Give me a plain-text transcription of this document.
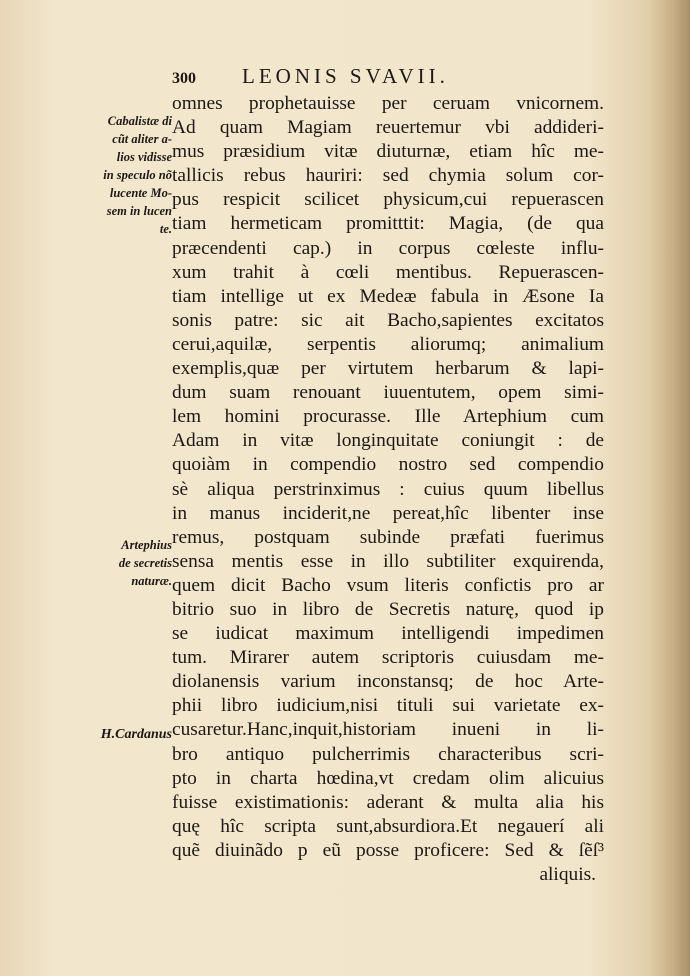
300 LEONIS SVAVII.
Cabalistæ di
cũt aliter a-
lios vidisse
in speculo nõ
lucente Mo-
sem in lucen
te.
Artephius
de secretis
naturæ.
H.Cardanus
omnes prophetauisse per ceruam vnicornem.
Ad quam Magiam reuertemur vbi addideri-
mus præsidium vitæ diuturnæ, etiam hîc me-
tallicis rebus hauriri: sed chymia solum cor-
pus respicit scilicet physicum,cui repuerascen
tiam hermeticam promitttit: Magia, (de qua
præcendenti cap.) in corpus cœleste influ-
xum trahit à cœli mentibus. Repuerascen-
tiam intellige ut ex Medeæ fabula in Æsone Ia
sonis patre: sic ait Bacho,sapientes excitatos
cerui,aquilæ, serpentis aliorumq; animalium
exemplis,quæ per virtutem herbarum & lapi-
dum suam renouant iuuentutem, opem simi-
lem homini procurasse. Ille Artephium cum
Adam in vitæ longinquitate coniungit : de
quoiàm in compendio nostro sed compendio
sè aliqua perstrinximus : cuius quum libellus
in manus inciderit,ne pereat,hîc libenter inse
remus, postquam subinde præfati fuerimus
sensa mentis esse in illo subtiliter exquirenda,
quem dicit Bacho vsum literis confictis pro ar
bitrio suo in libro de Secretis naturę, quod ip
se iudicat maximum intelligendi impedimen
tum. Mirarer autem scriptoris cuiusdam me-
diolanensis varium inconstansq; de hoc Arte-
phii libro iudicium,nisi tituli sui varietate ex-
cusaretur.Hanc,inquit,historiam inueni in li-
bro antiquo pulcherrimis characteribus scri-
pto in charta hœdina,vt credam olim alicuius
fuisse existimationis: aderant & multa alia his
quę hîc scripta sunt,absurdiora.Et negauerí ali
quẽ diuinãdo p eũ posse proficere: Sed & ſẽſ³
aliquis.
